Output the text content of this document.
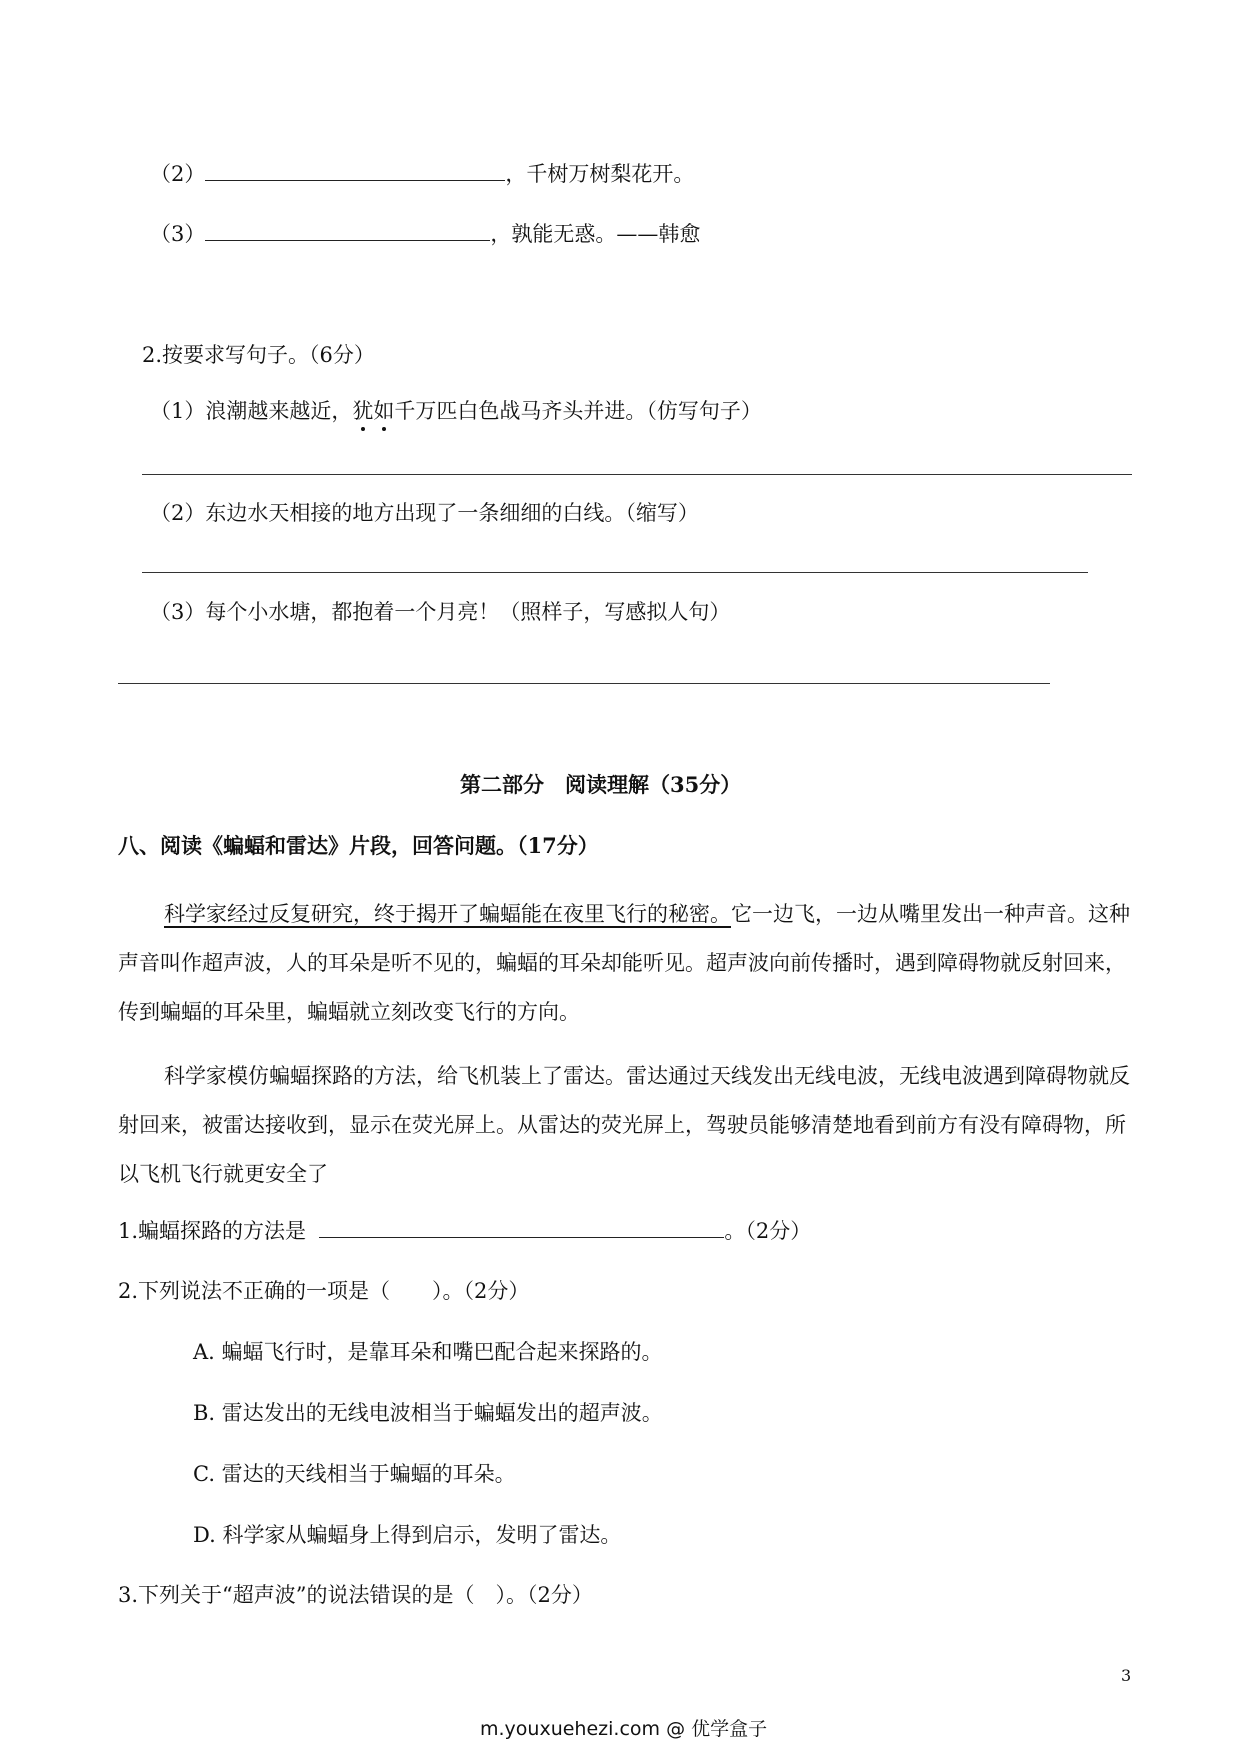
（2）	，千树万树梨花开。
（3）	，孰能无惑。——韩愈
2.按要求写句子。（6分）
（1）浪潮越来越近，犹如千万匹白色战马齐头并进。（仿写句子）
（2）东边水天相接的地方出现了一条细细的白线。（缩写）
（3）每个小水塘，都抱着一个月亮！（照样子，写感拟人句）
第二部分　阅读理解（35分）
八、阅读《蝙蝠和雷达》片段，回答问题。（17分）
科学家经过反复研究，终于揭开了蝙蝠能在夜里飞行的秘密。它一边飞，一边从嘴里发出一种声音。这种声音叫作超声波，人的耳朵是听不见的，蝙蝠的耳朵却能听见。超声波向前传播时，遇到障碍物就反射回来，传到蝙蝠的耳朵里，蝙蝠就立刻改变飞行的方向。
科学家模仿蝙蝠探路的方法，给飞机装上了雷达。雷达通过天线发出无线电波，无线电波遇到障碍物就反射回来，被雷达接收到，显示在荧光屏上。从雷达的荧光屏上，驾驶员能够清楚地看到前方有没有障碍物，所以飞机飞行就更安全了
1.蝙蝠探路的方法是	。（2分）
2.下列说法不正确的一项是（　　）。（2分）
A. 蝙蝠飞行时，是靠耳朵和嘴巴配合起来探路的。
B. 雷达发出的无线电波相当于蝙蝠发出的超声波。
C. 雷达的天线相当于蝙蝠的耳朵。
D. 科学家从蝙蝠身上得到启示，发明了雷达。
3.下列关于“超声波”的说法错误的是（　）。（2分）
3
m.youxuehezi.com @ 优学盒子
